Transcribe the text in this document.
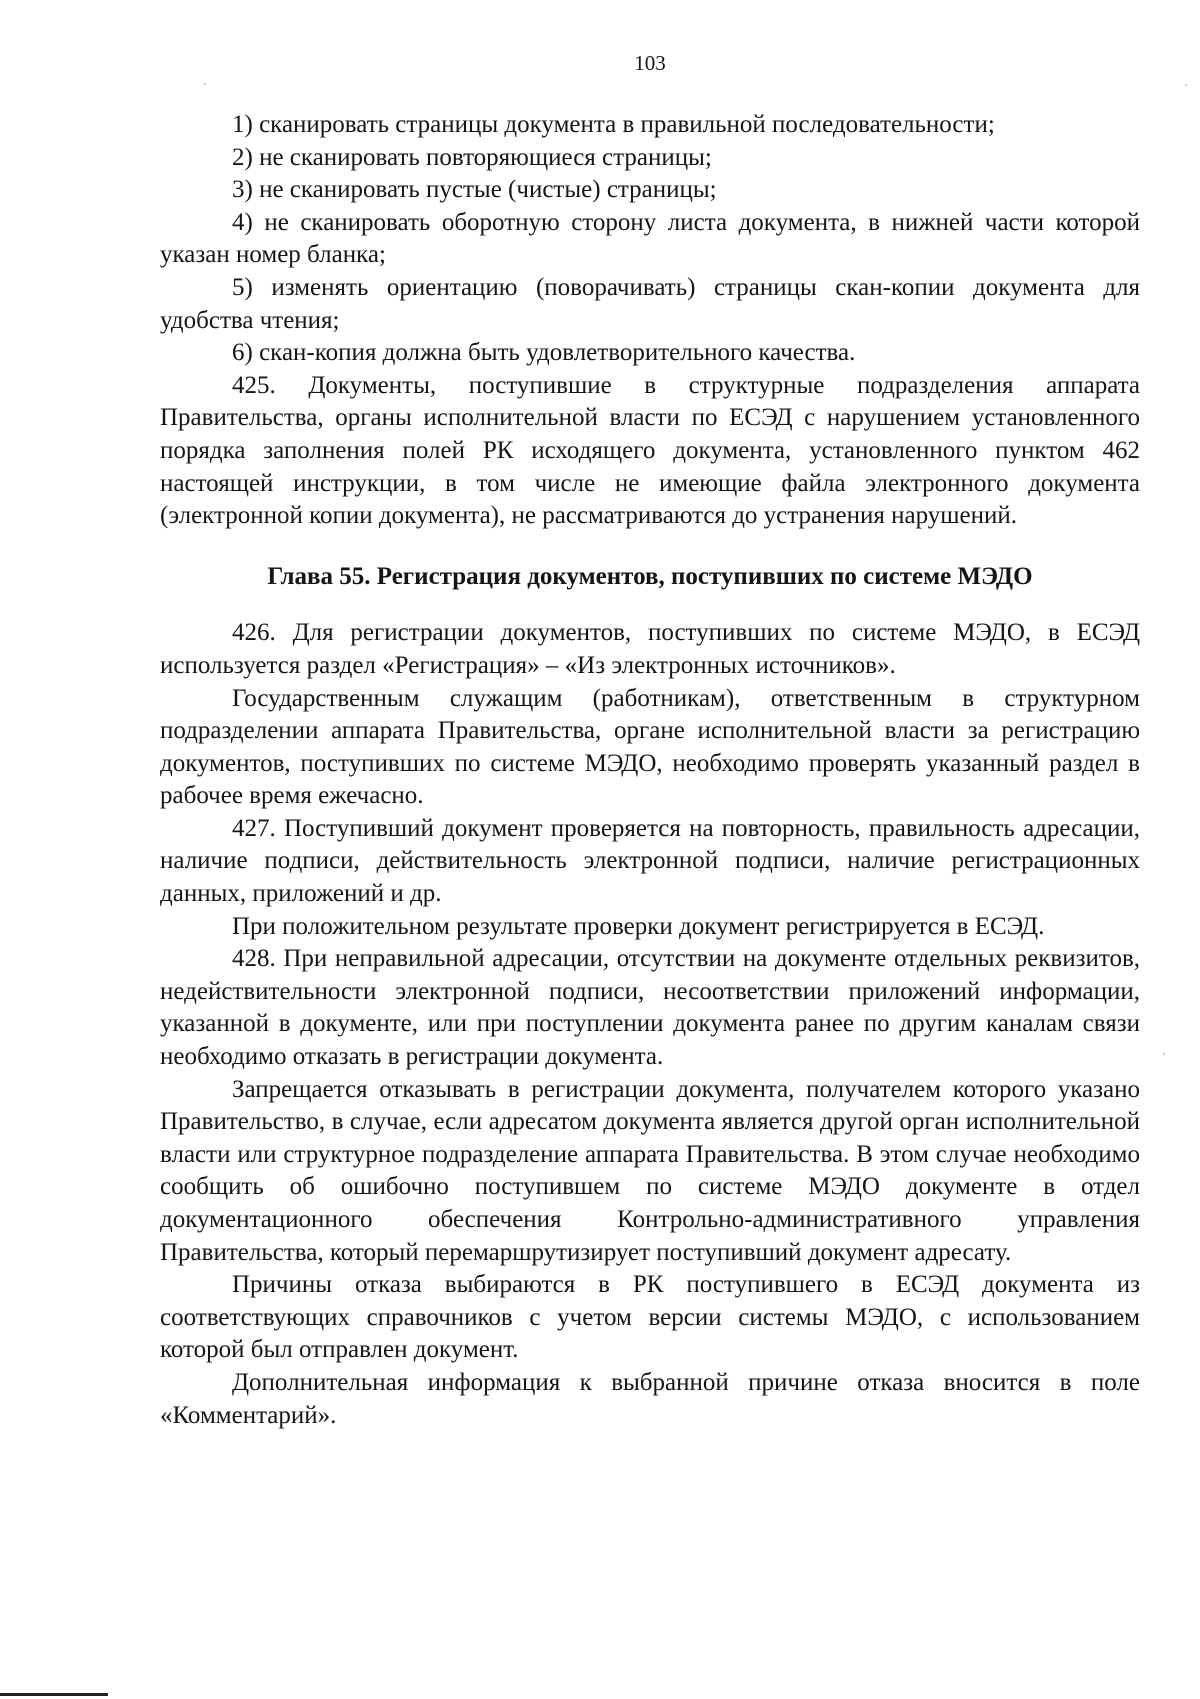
103

1) сканировать страницы документа в правильной последовательности;

2) не сканировать повторяющиеся страницы;

3) не сканировать пустые (чистые) страницы;

4) не сканировать оборотную сторону листа документа, в нижней части которой указан номер бланка;

5) изменять ориентацию (поворачивать) страницы скан-копии документа для удобства чтения;

6) скан-копия должна быть удовлетворительного качества.

425. Документы, поступившие в структурные подразделения аппарата Правительства, органы исполнительной власти по ЕСЭД с нарушением установленного порядка заполнения полей РК исходящего документа, установленного пунктом 462 настоящей инструкции, в том числе не имеющие файла электронного документа (электронной копии документа), не рассматриваются до устранения нарушений.

Глава 55. Регистрация документов, поступивших по системе МЭДО

426. Для регистрации документов, поступивших по системе МЭДО, в ЕСЭД используется раздел «Регистрация» – «Из электронных источников».

Государственным служащим (работникам), ответственным в структурном подразделении аппарата Правительства, органе исполнительной власти за регистрацию документов, поступивших по системе МЭДО, необходимо проверять указанный раздел в рабочее время ежечасно.

427. Поступивший документ проверяется на повторность, правильность адресации, наличие подписи, действительность электронной подписи, наличие регистрационных данных, приложений и др.

При положительном результате проверки документ регистрируется в ЕСЭД.

428. При неправильной адресации, отсутствии на документе отдельных реквизитов, недействительности электронной подписи, несоответствии приложений информации, указанной в документе, или при поступлении документа ранее по другим каналам связи необходимо отказать в регистрации документа.

Запрещается отказывать в регистрации документа, получателем которого указано Правительство, в случае, если адресатом документа является другой орган исполнительной власти или структурное подразделение аппарата Правительства. В этом случае необходимо сообщить об ошибочно поступившем по системе МЭДО документе в отдел документационного обеспечения Контрольно-административного управления Правительства, который перемаршрутизирует поступивший документ адресату.

Причины отказа выбираются в РК поступившего в ЕСЭД документа из соответствующих справочников с учетом версии системы МЭДО, с использованием которой был отправлен документ.

Дополнительная информация к выбранной причине отказа вносится в поле «Комментарий».
